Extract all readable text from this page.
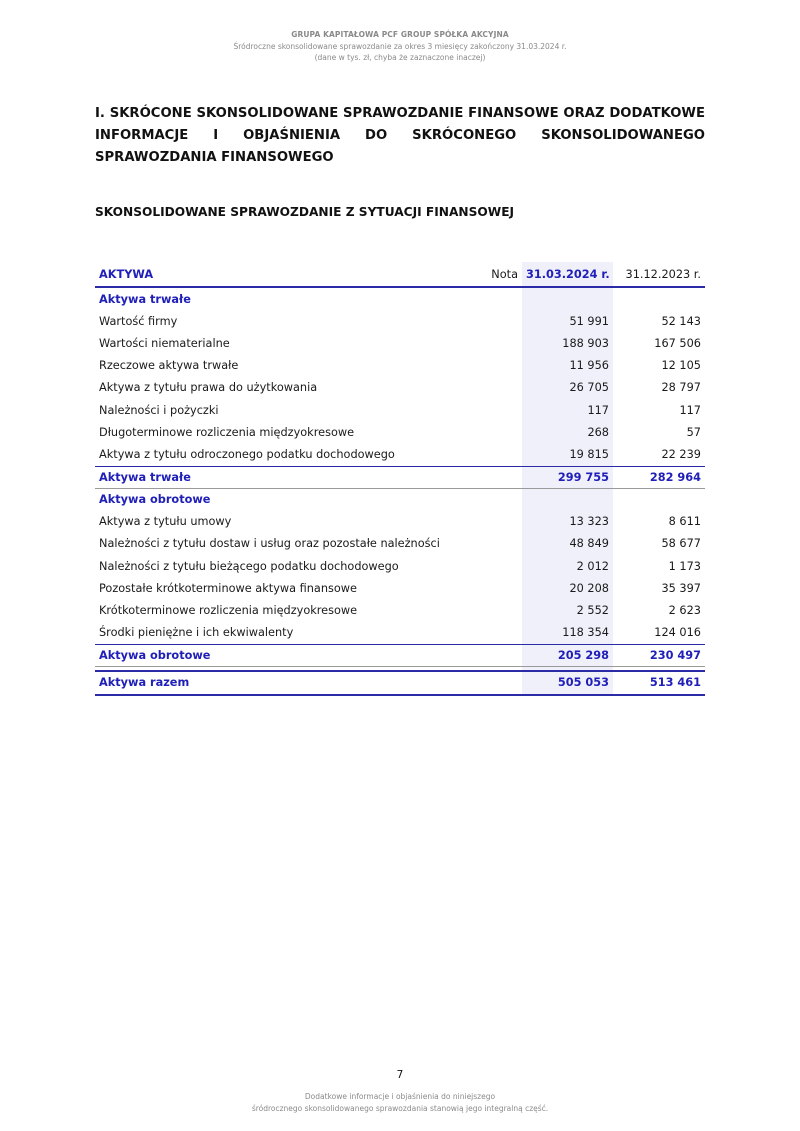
GRUPA KAPITAŁOWA PCF GROUP SPÓŁKA AKCYJNA
Śródroczne skonsolidowane sprawozdanie za okres 3 miesięcy zakończony 31.03.2024 r.
(dane w tys. zł, chyba że zaznaczone inaczej)
I. SKRÓCONE SKONSOLIDOWANE SPRAWOZDANIE FINANSOWE ORAZ DODATKOWE INFORMACJE I OBJAŚNIENIA DO SKRÓCONEGO SKONSOLIDOWANEGO SPRAWOZDANIA FINANSOWEGO
SKONSOLIDOWANE SPRAWOZDANIE Z SYTUACJI FINANSOWEJ
AKTYWA	Nota	31.03.2024 r.	31.12.2023 r.
Aktywa trwałe			
Wartość firmy		51 991	52 143
Wartości niematerialne		188 903	167 506
Rzeczowe aktywa trwałe		11 956	12 105
Aktywa z tytułu prawa do użytkowania		26 705	28 797
Należności i pożyczki		117	117
Długoterminowe rozliczenia międzyokresowe		268	57
Aktywa z tytułu odroczonego podatku dochodowego		19 815	22 239
Aktywa trwałe		299 755	282 964
Aktywa obrotowe			
Aktywa z tytułu umowy		13 323	8 611
Należności z tytułu dostaw i usług oraz pozostałe należności		48 849	58 677
Należności z tytułu bieżącego podatku dochodowego		2 012	1 173
Pozostałe krótkoterminowe aktywa finansowe		20 208	35 397
Krótkoterminowe rozliczenia międzyokresowe		2 552	2 623
Środki pieniężne i ich ekwiwalenty		118 354	124 016
Aktywa obrotowe		205 298	230 497

Aktywa razem		505 053	513 461
7
Dodatkowe informacje i objaśnienia do niniejszego
śródrocznego skonsolidowanego sprawozdania stanowią jego integralną część.
